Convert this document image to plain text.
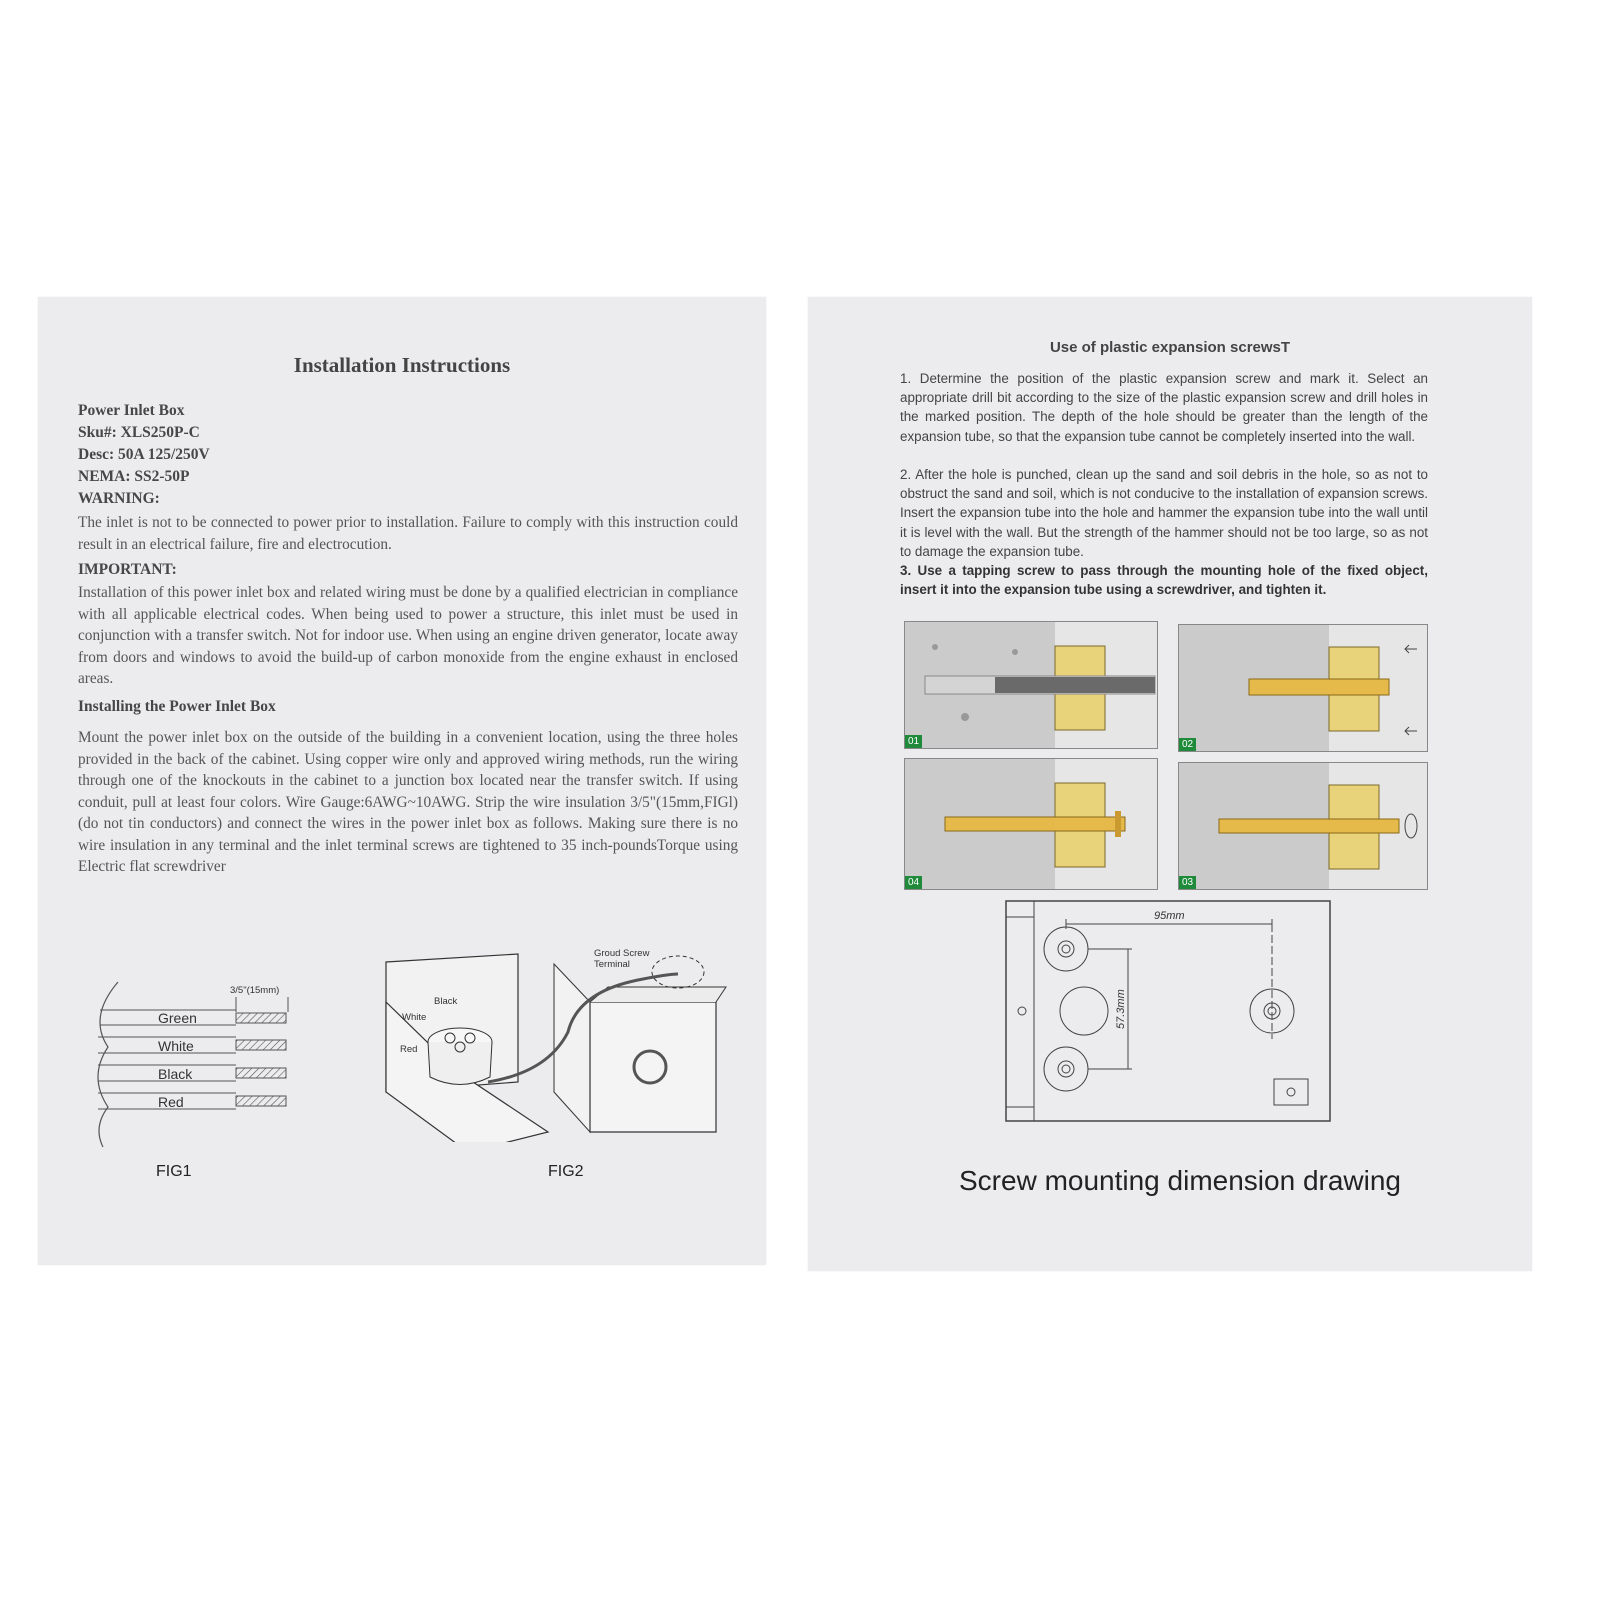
Installation Instructions
Power Inlet Box
Sku#: XLS250P-C
Desc: 50A 125/250V
NEMA: SS2-50P
WARNING:
The inlet is not to be connected to power prior to installation. Failure to comply with this instruction could result in an electrical failure, fire and electrocution.
IMPORTANT:
Installation of this power inlet box and related wiring must be done by a qualified electrician in compliance with all applicable electrical codes. When being used to power a structure, this inlet must be used in conjunction with a transfer switch. Not for indoor use. When using an engine driven generator, locate away from doors and windows to avoid the build-up of carbon monoxide from the engine exhaust in enclosed areas.
Installing the Power Inlet Box
Mount the power inlet box on the outside of the building in a convenient location, using the three holes provided in the back of the cabinet. Using copper wire only and approved wiring methods, run the wiring through one of the knockouts in the cabinet to a junction box located near the transfer switch. If using conduit, pull at least four colors. Wire Gauge:6AWG~10AWG. Strip the wire insulation 3/5"(15mm,FIGl) (do not tin conductors) and connect the wires in the power inlet box as follows. Making sure there is no wire insulation in any terminal and the inlet terminal screws are tightened to 35 inch-poundsTorque using Electric flat screwdriver
3/5"(15mm)
Green
White
Black
Red
FIG1
Black
White
Red
Groud Screw
Terminal
FIG2
Use of plastic expansion screwsT
1. Determine the position of the plastic expansion screw and mark it. Select an appropriate drill bit according to the size of the plastic expansion screw and drill holes in the marked position. The depth of the hole should be greater than the length of the expansion tube, so that the expansion tube cannot be completely inserted into the wall.
2. After the hole is punched, clean up the sand and soil debris in the hole, so as not to obstruct the sand and soil, which is not conducive to the installation of expansion screws. Insert the expansion tube into the hole and hammer the expansion tube into the wall until it is level with the wall. But the strength of the hammer should not be too large, so as not to damage the expansion tube.
3. Use a tapping screw to pass through the mounting hole of the fixed object, insert it into the expansion tube using a screwdriver, and tighten it.
01	02
04	03
95mm
57.3mm
Screw mounting dimension drawing
